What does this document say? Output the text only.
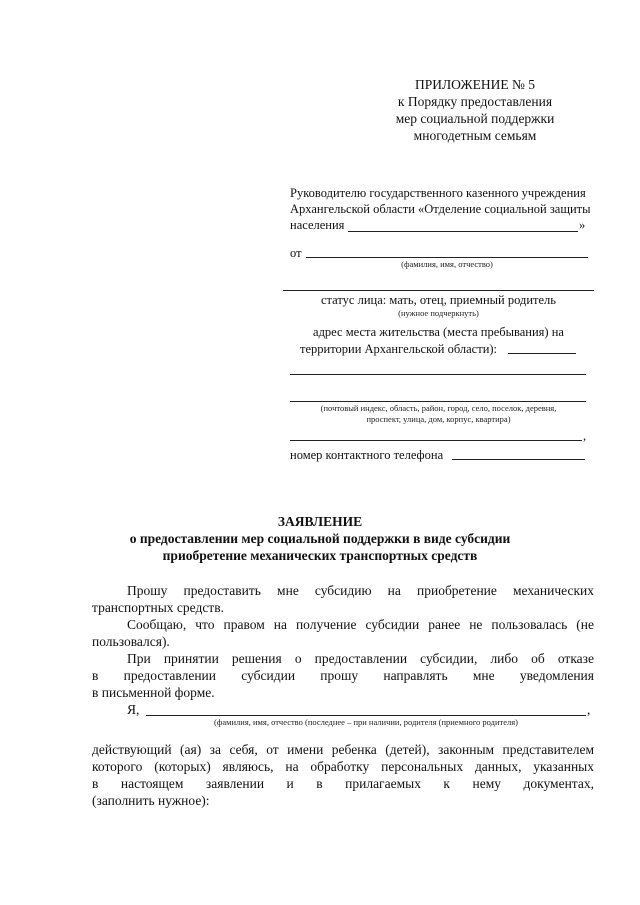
ПРИЛОЖЕНИЕ № 5
к Порядку предоставления
мер социальной поддержки
многодетным семьям
Руководителю государственного казенного учреждения
Архангельской области «Отделение социальной защиты
населения	»
от
(фамилия, имя, отчество)
статус лица: мать, отец, приемный родитель
(нужное подчеркнуть)
адрес места жительства (места пребывания) на
территории Архангельской области):
(почтовый индекс, область, район, город, село, поселок, деревня,
проспект, улица, дом, корпус, квартира)
,
номер контактного телефона
ЗАЯВЛЕНИЕ
о предоставлении мер социальной поддержки в виде субсидии
приобретение механических транспортных средств
Прошу предоставить мне субсидию на приобретение механических
транспортных средств.
Сообщаю, что правом на получение субсидии ранее не пользовалась (не
пользовался).
При принятии решения о предоставлении субсидии, либо об отказе
в предоставлении субсидии прошу направлять мне уведомления
в письменной форме.
Я,	,
(фамилия, имя, отчество (последнее – при наличии, родителя (приемного родителя)
действующий (ая) за себя, от имени ребенка (детей), законным представителем
которого (которых) являюсь, на обработку персональных данных, указанных
в настоящем заявлении и в прилагаемых к нему документах,
(заполнить нужное):
